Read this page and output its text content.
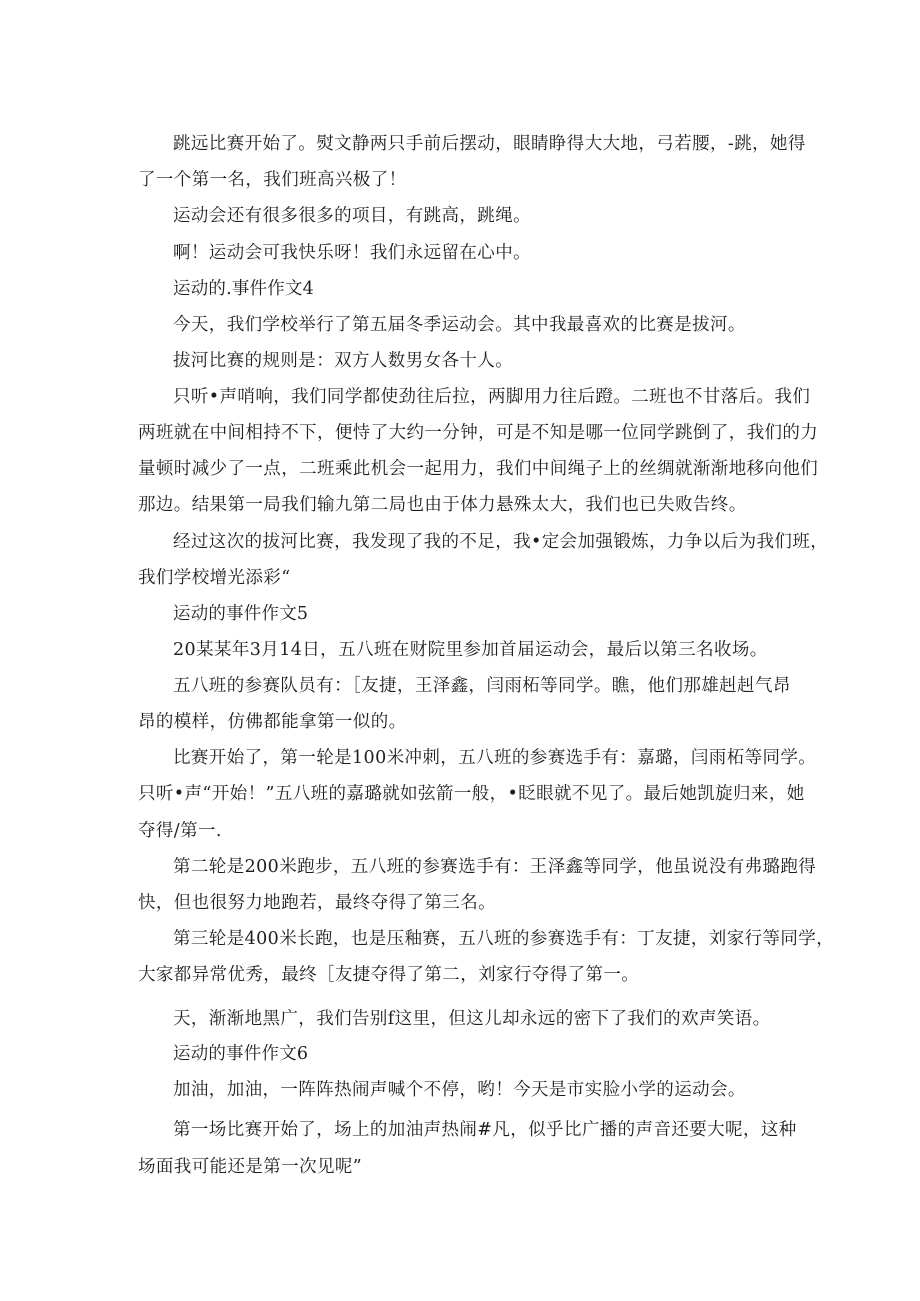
跳远比赛开始了。熨文静两只手前后摆动，眼睛睁得大大地，弓若腰，-跳，她得
了一个第一名，我们班高兴极了！
运动会还有很多很多的项目，有跳高，跳绳。
啊！运动会可我快乐呀！我们永远留在心中。
运动的.事件作文4
今天，我们学校举行了第五届冬季运动会。其中我最喜欢的比赛是拔河。
拔河比赛的规则是：双方人数男女各十人。
只听•声哨响，我们同学都使劲往后拉，两脚用力往后蹬。二班也不甘落后。我们
两班就在中间相持不下，便恃了大约一分钟，可是不知是哪一位同学跳倒了，我们的力
量顿时减少了一点，二班乘此机会一起用力，我们中间绳子上的丝绸就渐渐地移向他们
那边。结果第一局我们输九第二局也由于体力悬殊太大，我们也已失败告终。
经过这次的拔河比赛，我发现了我的不足，我•定会加强锻炼，力争以后为我们班，
我们学校增光添彩“
运动的事件作文5
20某某年3月14日，五八班在财院里参加首届运动会，最后以第三名收场。
五八班的参赛队员有：［友捷，王泽鑫，闫雨柘等同学。瞧，他们那雄赳赳气昂
昂的模样，仿佛都能拿第一似的。
比赛开始了，第一轮是100米冲刺，五八班的参赛选手有：嘉璐，闫雨柘等同学。
只听•声“开始！”五八班的嘉璐就如弦箭一般，•眨眼就不见了。最后她凯旋归来，她
夺得/第一.
第二轮是200米跑步，五八班的参赛选手有：王泽鑫等同学，他虽说没有弗璐跑得
快，但也很努力地跑若，最终夺得了第三名。
第三轮是400米长跑，也是压釉赛，五八班的参赛选手有：丁友捷，刘家行等同学，
大家都异常优秀，最终［友捷夺得了第二，刘家行夺得了第一。
天，渐渐地黑广，我们告别f这里，但这儿却永远的密下了我们的欢声笑语。
运动的事件作文6
加油，加油，一阵阵热闹声喊个不停，哟！今天是市实脸小学的运动会。
第一场比赛开始了，场上的加油声热闹#凡，似乎比广播的声音还要大呢，这种
场面我可能还是第一次见呢”
